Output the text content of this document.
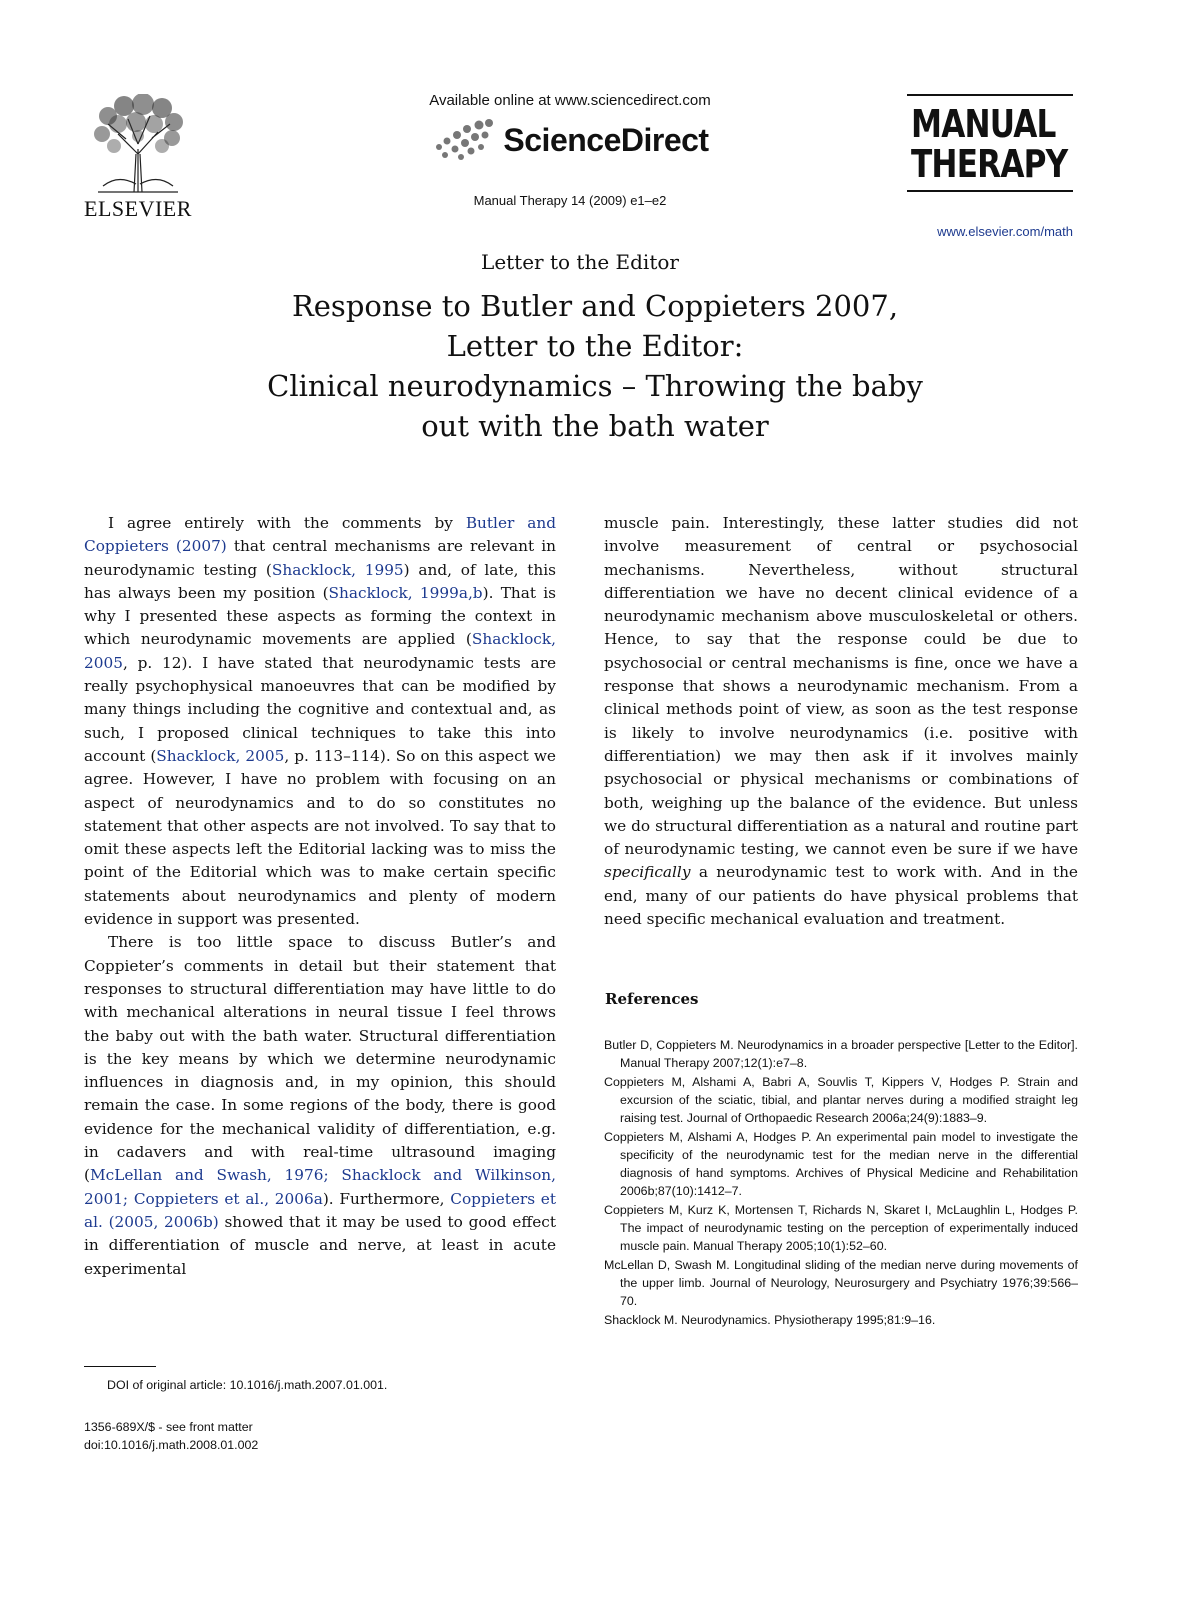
ELSEVIER
Available online at www.sciencedirect.com
ScienceDirect
Manual Therapy 14 (2009) e1–e2
MANUAL
THERAPY
www.elsevier.com/math
Letter to the Editor
Response to Butler and Coppieters 2007,
Letter to the Editor:
Clinical neurodynamics – Throwing the baby
out with the bath water

I agree entirely with the comments by Butler and Coppieters (2007) that central mechanisms are relevant in neurodynamic testing (Shacklock, 1995) and, of late, this has always been my position (Shacklock, 1999a,b). That is why I presented these aspects as forming the context in which neurodynamic movements are applied (Shacklock, 2005, p. 12). I have stated that neurodynamic tests are really psychophysical manoeuvres that can be modified by many things including the cognitive and contextual and, as such, I proposed clinical techniques to take this into account (Shacklock, 2005, p. 113–114). So on this aspect we agree. However, I have no problem with focusing on an aspect of neurodynamics and to do so constitutes no statement that other aspects are not involved. To say that to omit these aspects left the Editorial lacking was to miss the point of the Editorial which was to make certain specific statements about neurodynamics and plenty of modern evidence in support was presented.

There is too little space to discuss Butler’s and Coppieter’s comments in detail but their statement that responses to structural differentiation may have little to do with mechanical alterations in neural tissue I feel throws the baby out with the bath water. Structural differentiation is the key means by which we determine neurodynamic influences in diagnosis and, in my opinion, this should remain the case. In some regions of the body, there is good evidence for the mechanical validity of differentiation, e.g. in cadavers and with real-time ultrasound imaging (McLellan and Swash, 1976; Shacklock and Wilkinson, 2001; Coppieters et al., 2006a). Furthermore, Coppieters et al. (2005, 2006b) showed that it may be used to good effect in differentiation of muscle and nerve, at least in acute experimental

muscle pain. Interestingly, these latter studies did not involve measurement of central or psychosocial mechanisms. Nevertheless, without structural differentiation we have no decent clinical evidence of a neurodynamic mechanism above musculoskeletal or others. Hence, to say that the response could be due to psychosocial or central mechanisms is fine, once we have a response that shows a neurodynamic mechanism. From a clinical methods point of view, as soon as the test response is likely to involve neurodynamics (i.e. positive with differentiation) we may then ask if it involves mainly psychosocial or physical mechanisms or combinations of both, weighing up the balance of the evidence. But unless we do structural differentiation as a natural and routine part of neurodynamic testing, we cannot even be sure if we have specifically a neurodynamic test to work with. And in the end, many of our patients do have physical problems that need specific mechanical evaluation and treatment.

References
Butler D, Coppieters M. Neurodynamics in a broader perspective [Letter to the Editor]. Manual Therapy 2007;12(1):e7–8.
Coppieters M, Alshami A, Babri A, Souvlis T, Kippers V, Hodges P. Strain and excursion of the sciatic, tibial, and plantar nerves during a modified straight leg raising test. Journal of Orthopaedic Research 2006a;24(9):1883–9.
Coppieters M, Alshami A, Hodges P. An experimental pain model to investigate the specificity of the neurodynamic test for the median nerve in the differential diagnosis of hand symptoms. Archives of Physical Medicine and Rehabilitation 2006b;87(10):1412–7.
Coppieters M, Kurz K, Mortensen T, Richards N, Skaret I, McLaughlin L, Hodges P. The impact of neurodynamic testing on the perception of experimentally induced muscle pain. Manual Therapy 2005;10(1):52–60.
McLellan D, Swash M. Longitudinal sliding of the median nerve during movements of the upper limb. Journal of Neurology, Neurosurgery and Psychiatry 1976;39:566–70.
Shacklock M. Neurodynamics. Physiotherapy 1995;81:9–16.
DOI of original article: 10.1016/j.math.2007.01.001.
1356-689X/$ - see front matter
doi:10.1016/j.math.2008.01.002
